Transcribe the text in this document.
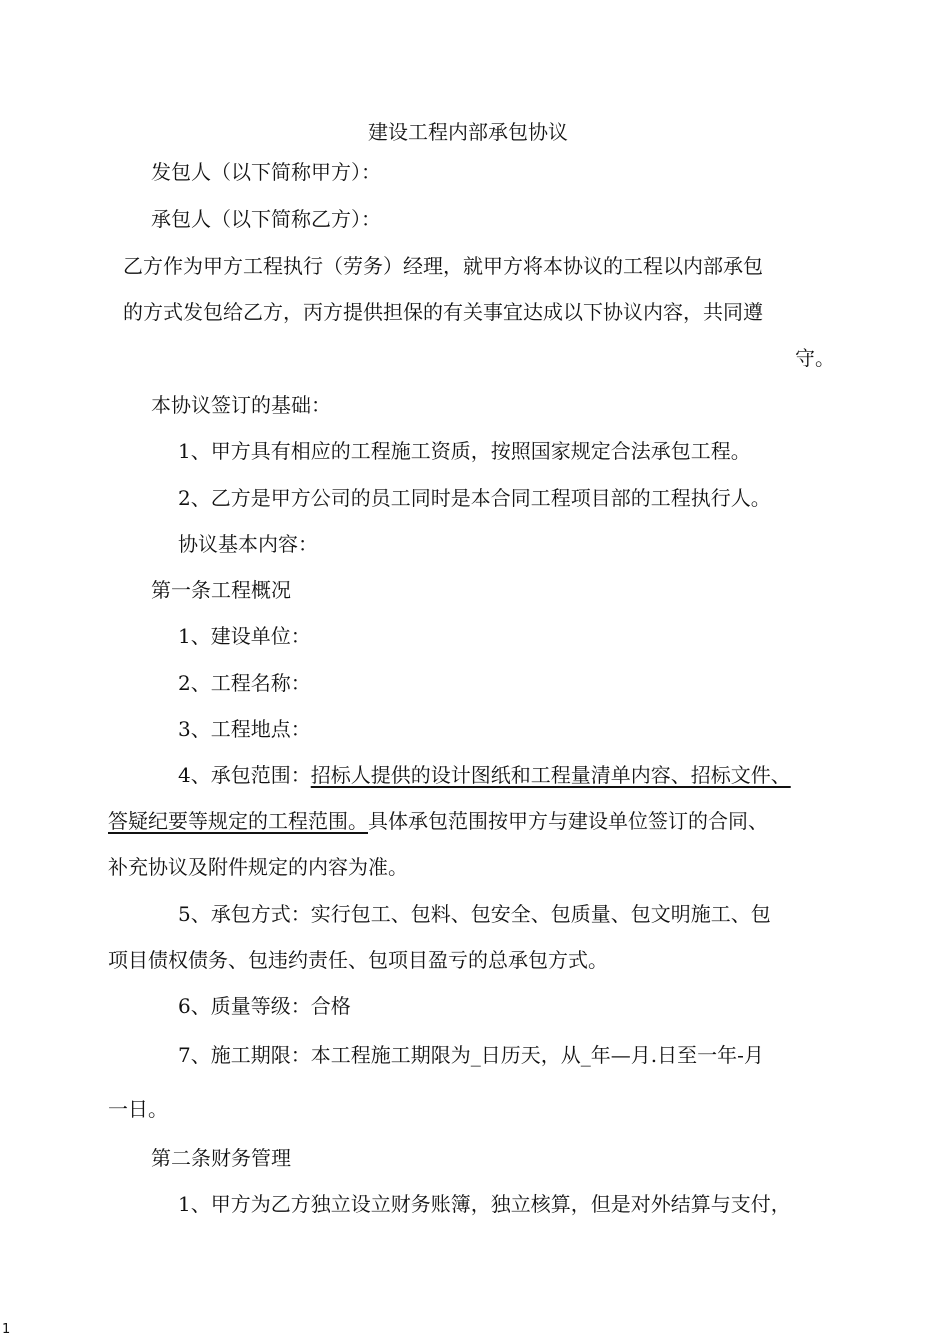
建设工程内部承包协议
发包人（以下简称甲方）：
承包人（以下简称乙方）：
乙方作为甲方工程执行（劳务）经理，就甲方将本协议的工程以内部承包
的方式发包给乙方，丙方提供担保的有关事宜达成以下协议内容，共同遵
守。
本协议签订的基础：
1、甲方具有相应的工程施工资质，按照国家规定合法承包工程。
2、乙方是甲方公司的员工同时是本合同工程项目部的工程执行人。
协议基本内容：
第一条工程概况
1、建设单位：
2、工程名称：
3、工程地点：
4、承包范围：招标人提供的设计图纸和工程量清单内容、招标文件、
答疑纪要等规定的工程范围。具体承包范围按甲方与建设单位签订的合同、
补充协议及附件规定的内容为准。
5、承包方式：实行包工、包料、包安全、包质量、包文明施工、包
项目债权债务、包违约责任、包项目盈亏的总承包方式。
6、质量等级：合格
7、施工期限：本工程施工期限为_日历天，从_年—月.日至一年-月
一日。
第二条财务管理
1、甲方为乙方独立设立财务账簿，独立核算，但是对外结算与支付，
1
